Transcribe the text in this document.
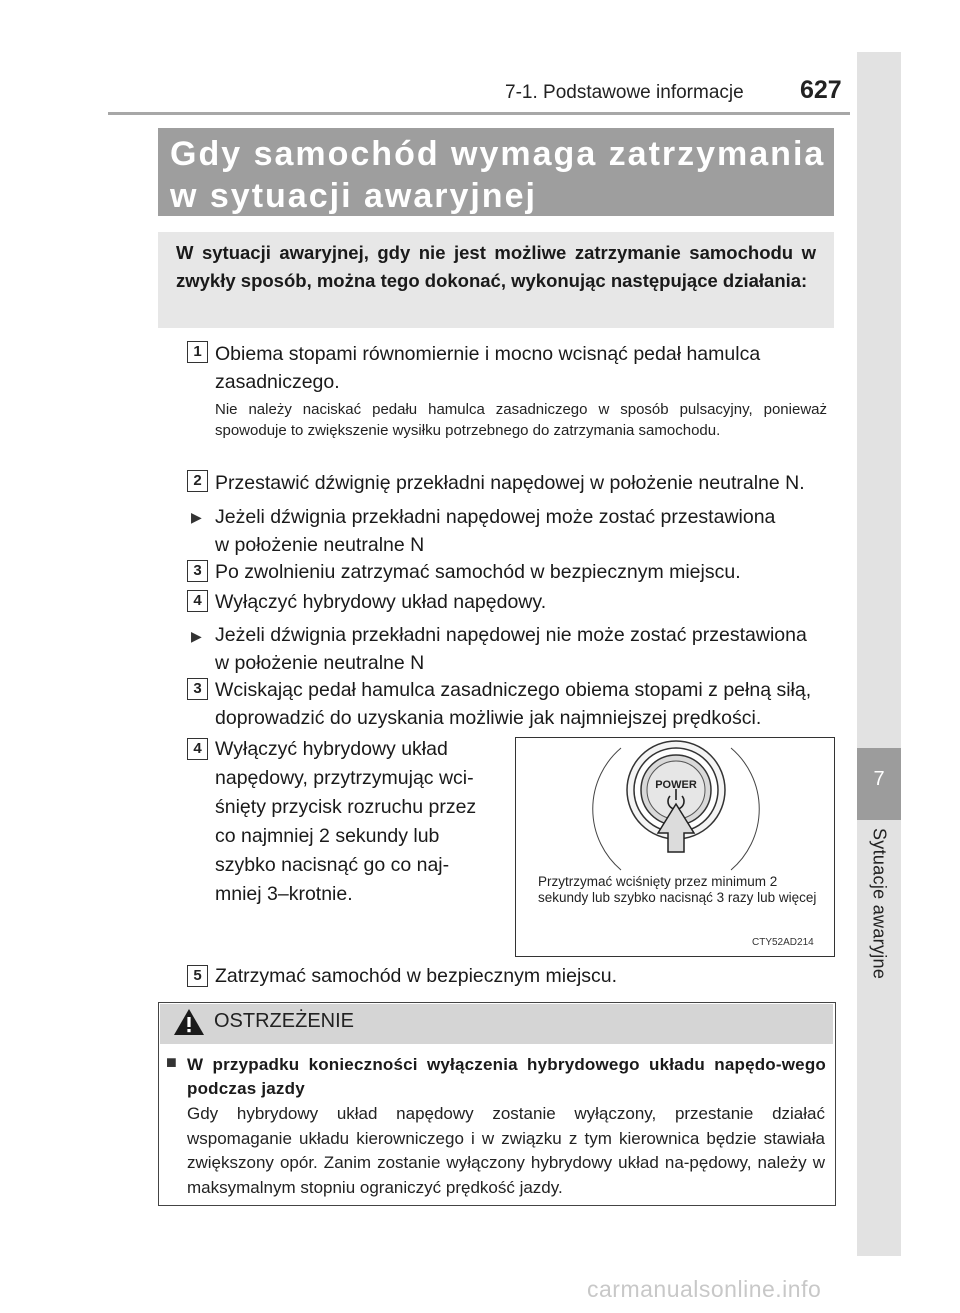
7-1. Podstawowe informacje 627
7
Sytuacje awaryjne
Gdy samochód wymaga zatrzymania
w sytuacji awaryjnej
W sytuacji awaryjnej, gdy nie jest możliwe zatrzymanie samochodu w zwykły sposób, można tego dokonać, wykonując następujące działania:
1 Obiema stopami równomiernie i mocno wcisnąć pedał hamulca
zasadniczego.
Nie należy naciskać pedału hamulca zasadniczego w sposób pulsacyjny, ponieważ spowoduje to zwiększenie wysiłku potrzebnego do zatrzymania samochodu.
2 Przestawić dźwignię przekładni napędowej w położenie neutralne N.
▶ Jeżeli dźwignia przekładni napędowej może zostać przestawiona
w położenie neutralne N
3 Po zwolnieniu zatrzymać samochód w bezpiecznym miejscu.
4 Wyłączyć hybrydowy układ napędowy.
▶ Jeżeli dźwignia przekładni napędowej nie może zostać przestawiona
w położenie neutralne N
3 Wciskając pedał hamulca zasadniczego obiema stopami z pełną siłą,
doprowadzić do uzyskania możliwie jak najmniejszej prędkości.
4 Wyłączyć hybrydowy układ
napędowy, przytrzymując wci-
śnięty przycisk rozruchu przez
co najmniej 2 sekundy lub
szybko nacisnąć go co naj-
mniej 3–krotnie.
POWER
Przytrzymać wciśnięty przez minimum 2 sekundy lub szybko nacisnąć 3 razy lub więcej
CTY52AD214
5 Zatrzymać samochód w bezpiecznym miejscu.
OSTRZEŻENIE
■ W przypadku konieczności wyłączenia hybrydowego układu napędo-wego podczas jazdy
Gdy hybrydowy układ napędowy zostanie wyłączony, przestanie działać wspomaganie układu kierowniczego i w związku z tym kierownica będzie stawiała zwiększony opór. Zanim zostanie wyłączony hybrydowy układ na-pędowy, należy w maksymalnym stopniu ograniczyć prędkość jazdy.
carmanualsonline.info
